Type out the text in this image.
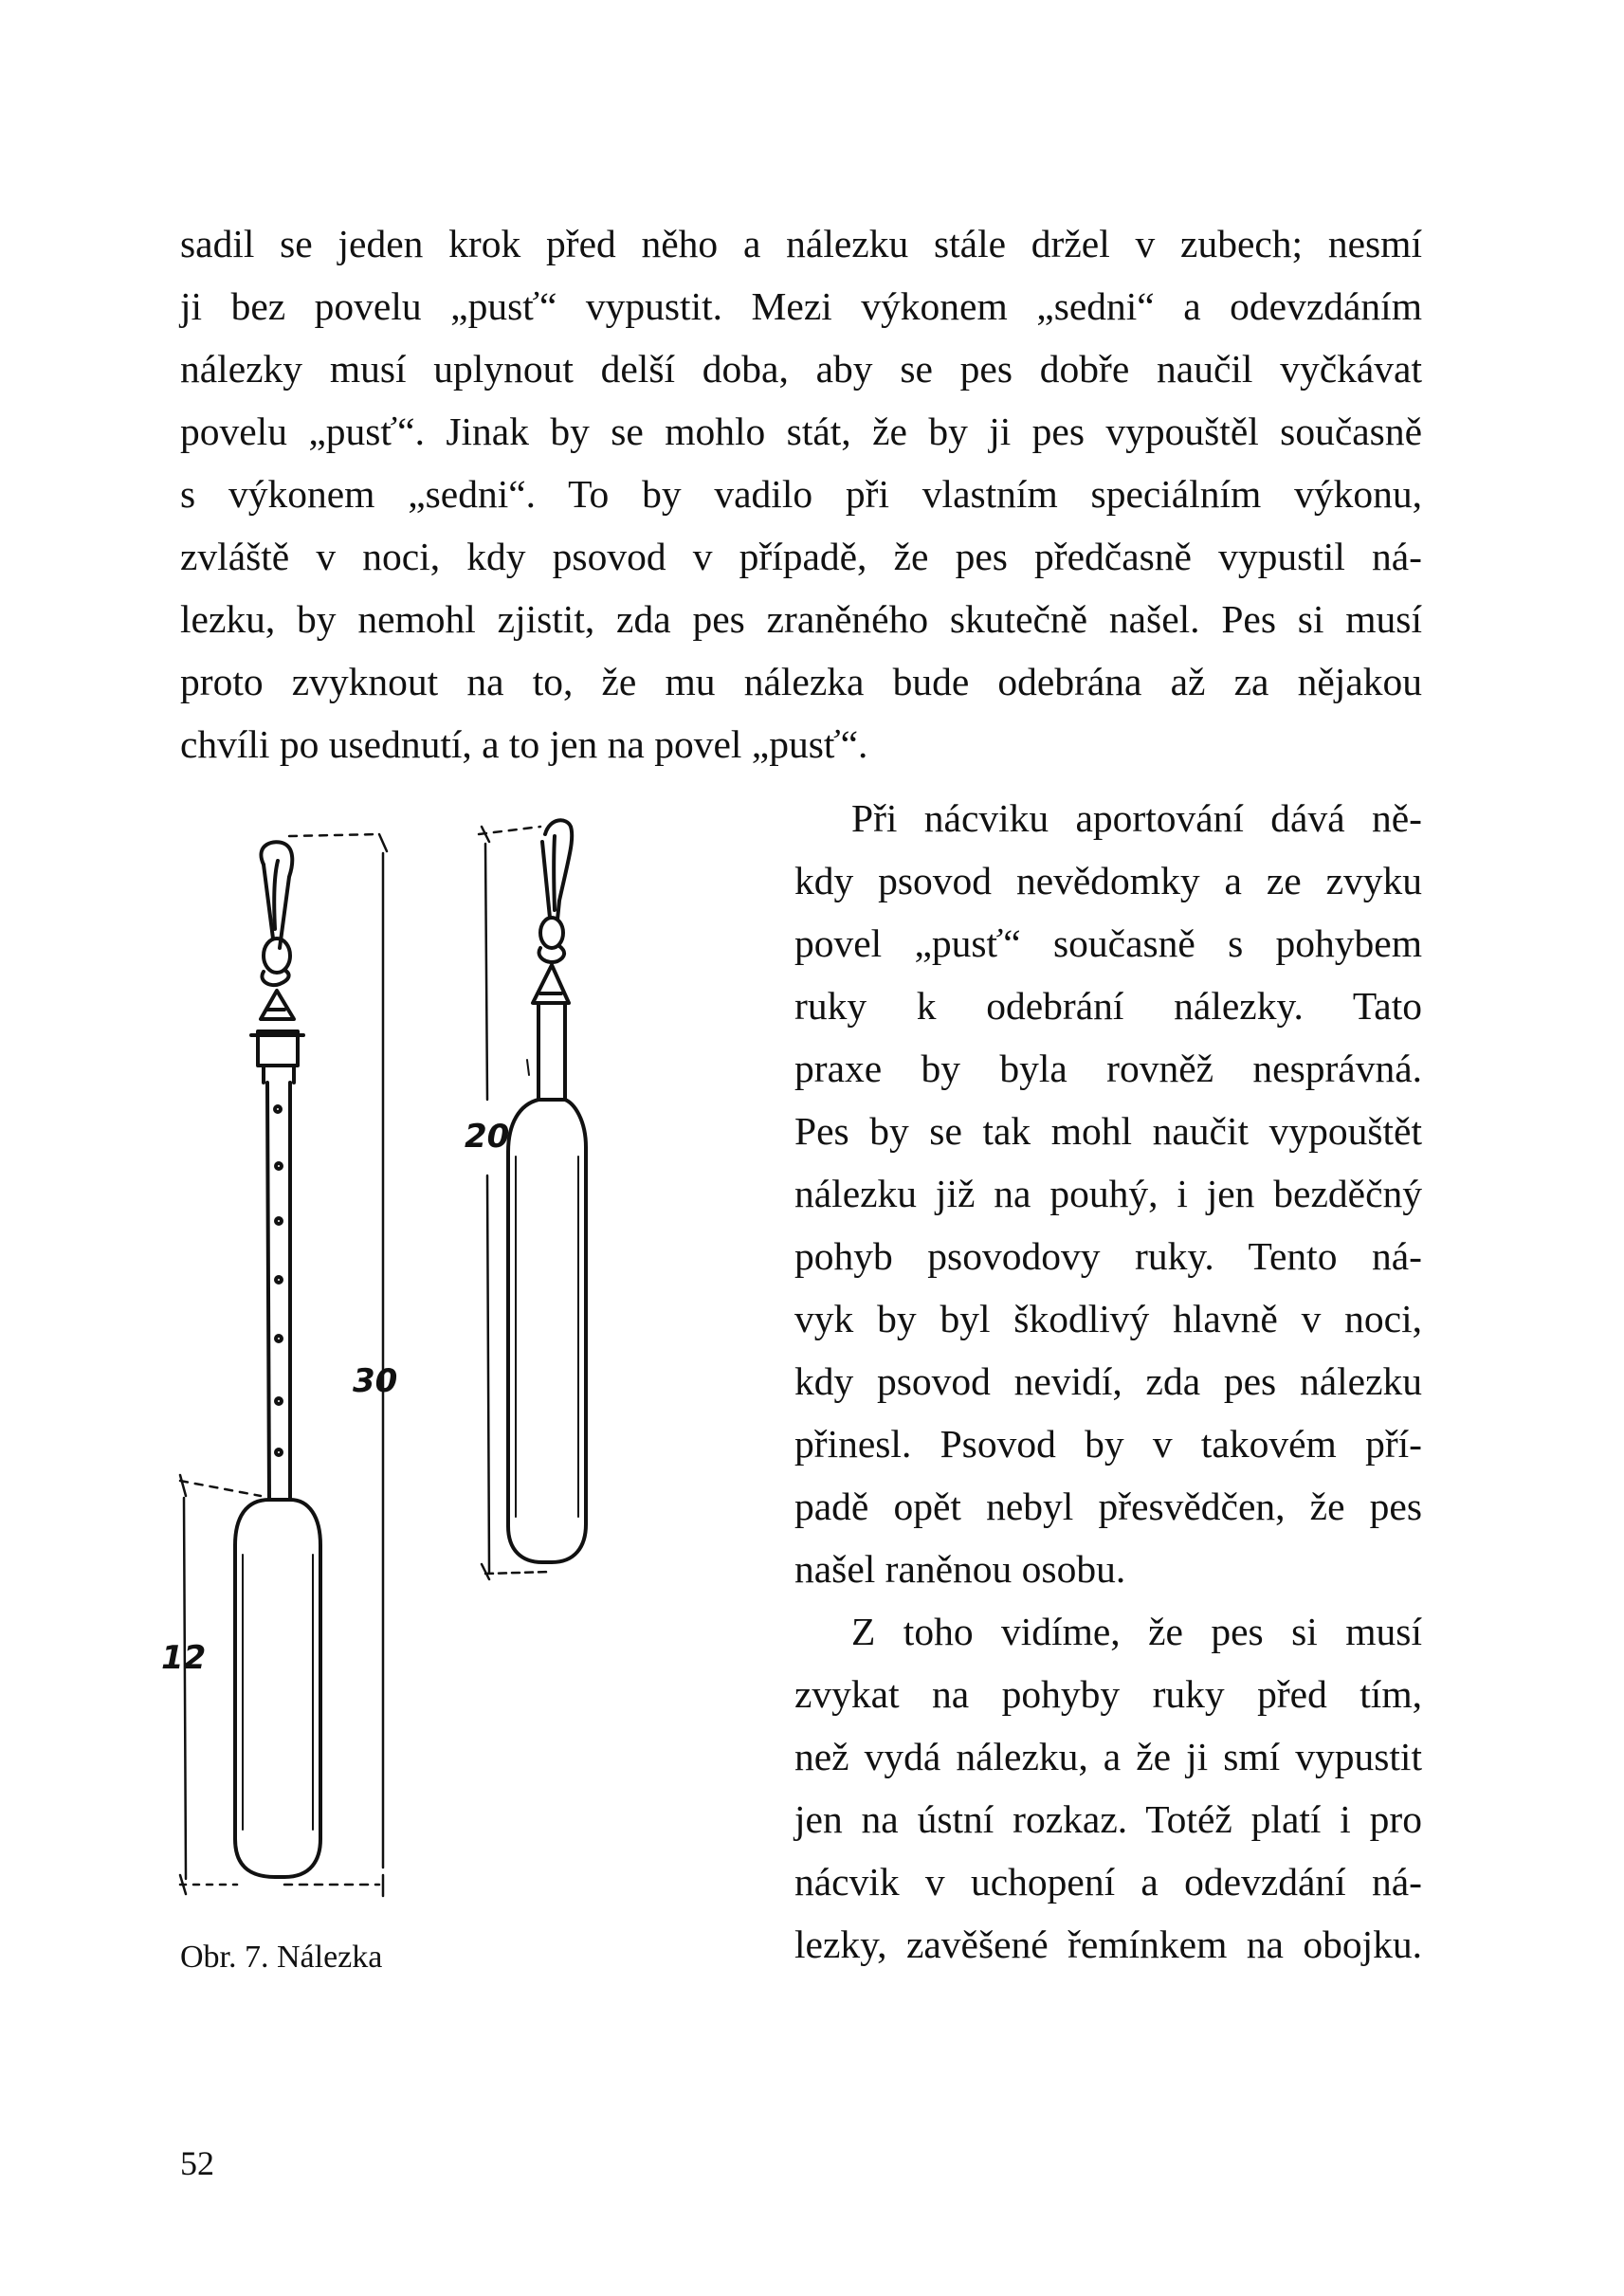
sadil se jeden krok před něho a nálezku stále držel v zubech; nesmí
ji bez povelu „pusť“ vypustit. Mezi výkonem „sedni“ a odevzdáním
nálezky musí uplynout delší doba, aby se pes dobře naučil vyčkávat
povelu „pusť“. Jinak by se mohlo stát, že by ji pes vypouštěl současně
s výkonem „sedni“. To by vadilo při vlastním speciálním výkonu,
zvláště v noci, kdy psovod v případě, že pes předčasně vypustil ná-
lezku, by nemohl zjistit, zda pes zraněného skutečně našel. Pes si musí
proto zvyknout na to, že mu nálezka bude odebrána až za nějakou
chvíli po usednutí, a to jen na povel „pusť“.
30
12
20
Při nácviku aportování dává ně-
kdy psovod nevědomky a ze zvyku
povel „pusť“ současně s pohybem
ruky k odebrání nálezky. Tato
praxe by byla rovněž nesprávná.
Pes by se tak mohl naučit vypouštět
nálezku již na pouhý, i jen bezděčný
pohyb psovodovy ruky. Tento ná-
vyk by byl škodlivý hlavně v noci,
kdy psovod nevidí, zda pes nálezku
přinesl. Psovod by v takovém pří-
padě opět nebyl přesvědčen, že pes
našel raněnou osobu.
Z toho vidíme, že pes si musí
zvykat na pohyby ruky před tím,
než vydá nálezku, a že ji smí vypustit
jen na ústní rozkaz. Totéž platí i pro
nácvik v uchopení a odevzdání ná-
lezky, zavěšené řemínkem na obojku.
Obr. 7. Nálezka
52
